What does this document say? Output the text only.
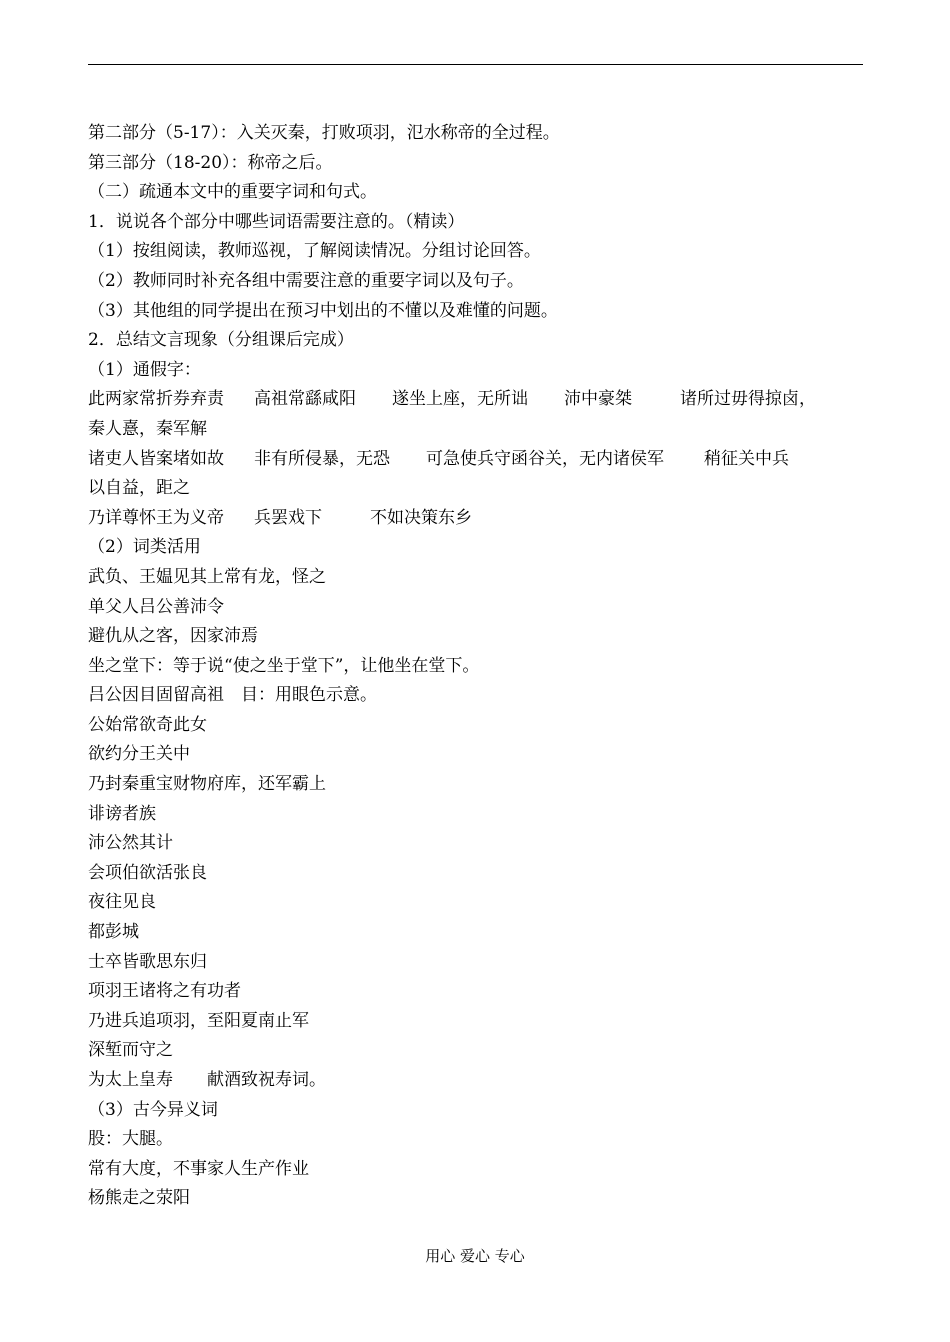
第二部分（5-17）：入关灭秦，打败项羽，氾水称帝的全过程。
第三部分（18-20）：称帝之后。
（二）疏通本文中的重要字词和句式。
1．说说各个部分中哪些词语需要注意的。（精读）
（1）按组阅读，教师巡视，了解阅读情况。分组讨论回答。
（2）教师同时补充各组中需要注意的重要字词以及句子。
（3）其他组的同学提出在预习中划出的不懂以及难懂的问题。
2．总结文言现象（分组课后完成）
（1）通假字：
此两家常折券弃责 高祖常繇咸阳 遂坐上座，无所诎 沛中豪桀	诸所过毋得掠卤，
秦人憙，秦军解
诸吏人皆案堵如故 非有所侵暴，无恐 可急使兵守函谷关，无内诸侯军 稍征关中兵
以自益，距之
乃详尊怀王为义帝 兵罢戏下	不如决策东乡
（2）词类活用
武负、王媪见其上常有龙，怪之
单父人吕公善沛令
避仇从之客，因家沛焉
坐之堂下：等于说“使之坐于堂下”，让他坐在堂下。
吕公因目固留高祖　目：用眼色示意。
公始常欲奇此女
欲约分王关中
乃封秦重宝财物府库，还军霸上
诽谤者族
沛公然其计
会项伯欲活张良
夜往见良
都彭城
士卒皆歌思东归
项羽王诸将之有功者
乃进兵追项羽，至阳夏南止军
深堑而守之
为太上皇寿　　献酒致祝寿词。
（3）古今异义词
股：大腿。
常有大度，不事家人生产作业
杨熊走之荥阳
用心 爱心 专心
